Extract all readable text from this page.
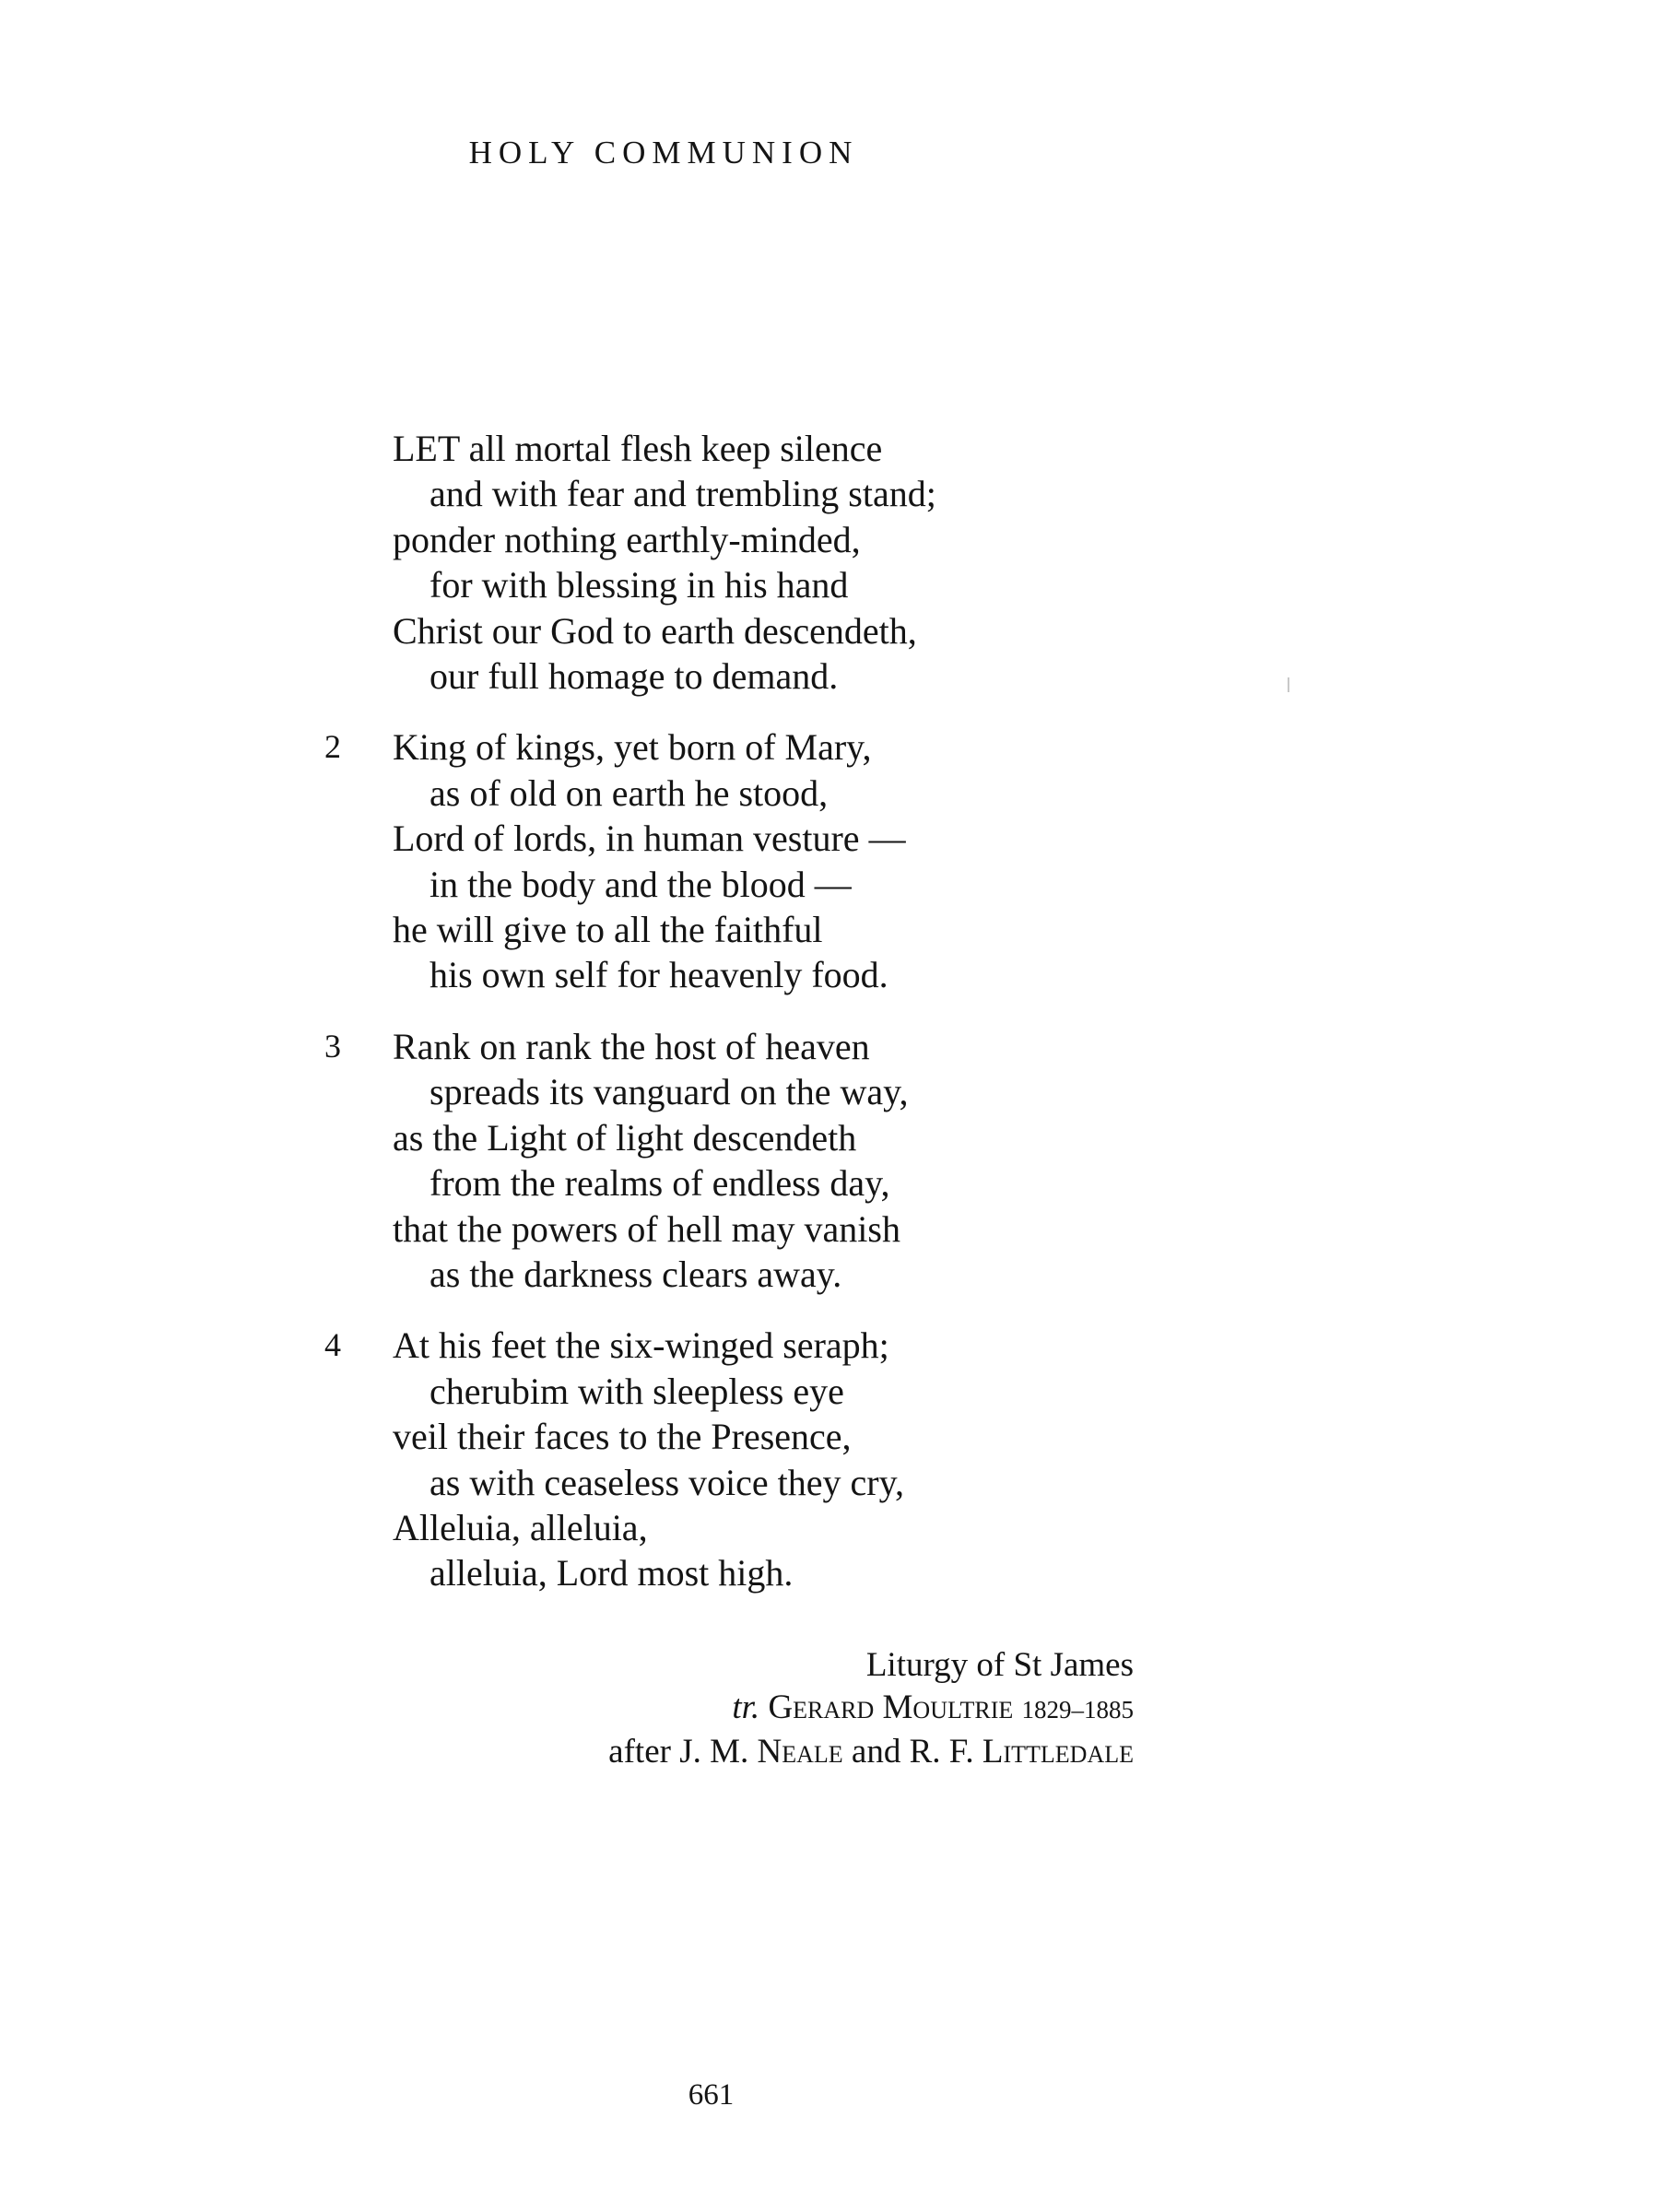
HOLY COMMUNION
LET all mortal flesh keep silence
and with fear and trembling stand;
ponder nothing earthly-minded,
for with blessing in his hand
Christ our God to earth descendeth,
our full homage to demand.
2	King of kings, yet born of Mary,
as of old on earth he stood,
Lord of lords, in human vesture —
in the body and the blood —
he will give to all the faithful
his own self for heavenly food.
3	Rank on rank the host of heaven
spreads its vanguard on the way,
as the Light of light descendeth
from the realms of endless day,
that the powers of hell may vanish
as the darkness clears away.
4	At his feet the six-winged seraph;
cherubim with sleepless eye
veil their faces to the Presence,
as with ceaseless voice they cry,
Alleluia, alleluia,
alleluia, Lord most high.
Liturgy of St James
tr. Gerard Moultrie 1829–1885
after J. M. Neale and R. F. Littledale
661
